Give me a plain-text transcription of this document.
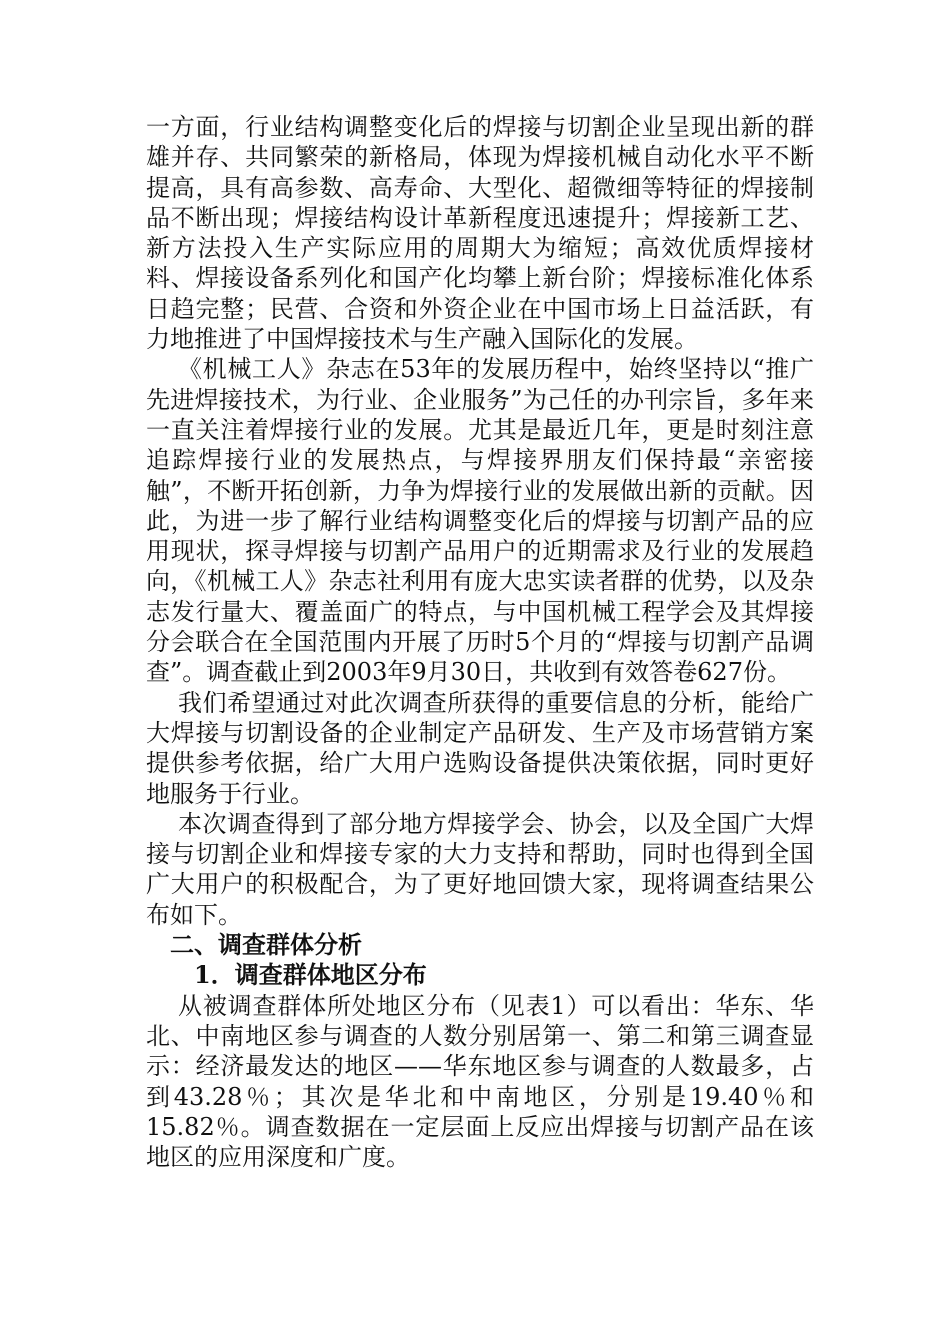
一方面，行业结构调整变化后的焊接与切割企业呈现出新的群雄并存、共同繁荣的新格局，体现为焊接机械自动化水平不断提高，具有高参数、高寿命、大型化、超微细等特征的焊接制品不断出现；焊接结构设计革新程度迅速提升；焊接新工艺、新方法投入生产实际应用的周期大为缩短；高效优质焊接材料、焊接设备系列化和国产化均攀上新台阶；焊接标准化体系日趋完整；民营、合资和外资企业在中国市场上日益活跃，有力地推进了中国焊接技术与生产融入国际化的发展。

《机械工人》杂志在53年的发展历程中，始终坚持以“推广先进焊接技术，为行业、企业服务”为己任的办刊宗旨，多年来一直关注着焊接行业的发展。尤其是最近几年，更是时刻注意追踪焊接行业的发展热点，与焊接界朋友们保持最“亲密接触”，不断开拓创新，力争为焊接行业的发展做出新的贡献。因此，为进一步了解行业结构调整变化后的焊接与切割产品的应用现状，探寻焊接与切割产品用户的近期需求及行业的发展趋向，《机械工人》杂志社利用有庞大忠实读者群的优势，以及杂志发行量大、覆盖面广的特点，与中国机械工程学会及其焊接分会联合在全国范围内开展了历时5个月的“焊接与切割产品调查”。调查截止到2003年9月30日，共收到有效答卷627份。

我们希望通过对此次调查所获得的重要信息的分析，能给广大焊接与切割设备的企业制定产品研发、生产及市场营销方案提供参考依据，给广大用户选购设备提供决策依据，同时更好地服务于行业。

本次调查得到了部分地方焊接学会、协会，以及全国广大焊接与切割企业和焊接专家的大力支持和帮助，同时也得到全国广大用户的积极配合，为了更好地回馈大家，现将调查结果公布如下。

二、调查群体分析

1．调查群体地区分布

从被调查群体所处地区分布（见表1）可以看出：华东、华北、中南地区参与调查的人数分别居第一、第二和第三调查显示：经济最发达的地区——华东地区参与调查的人数最多，占到43.28％；其次是华北和中南地区，分别是19.40％和15.82％。调查数据在一定层面上反应出焊接与切割产品在该地区的应用深度和广度。
